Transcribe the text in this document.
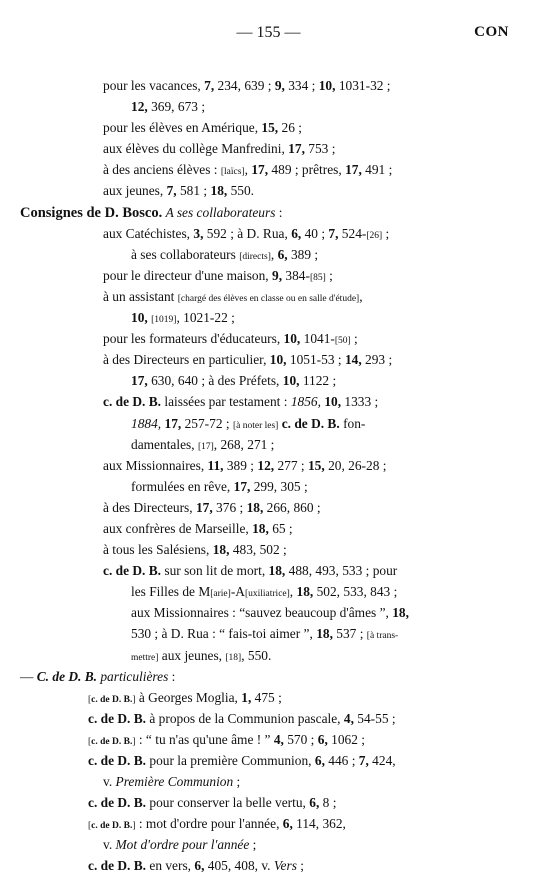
— 155 —	CON
pour les vacances, 7, 234, 639 ; 9, 334 ; 10, 1031-32 ;
12, 369, 673 ;
pour les élèves en Amérique, 15, 26 ;
aux élèves du collège Manfredini, 17, 753 ;
à des anciens élèves : [laïcs], 17, 489 ; prêtres, 17, 491 ;
aux jeunes, 7, 581 ; 18, 550.
Consignes de D. Bosco. A ses collaborateurs :
aux Catéchistes, 3, 592 ; à D. Rua, 6, 40 ; 7, 524-[26] ;
à ses collaborateurs [directs], 6, 389 ;
pour le directeur d'une maison, 9, 384-[85] ;
à un assistant [chargé des élèves en classe ou en salle d'étude],
10, [1019], 1021-22 ;
pour les formateurs d'éducateurs, 10, 1041-[50] ;
à des Directeurs en particulier, 10, 1051-53 ; 14, 293 ;
17, 630, 640 ; à des Préfets, 10, 1122 ;
c. de D. B. laissées par testament : 1856, 10, 1333 ;
1884, 17, 257-72 ; [à noter les] c. de D. B. fon-
damentales, [17], 268, 271 ;
aux Missionnaires, 11, 389 ; 12, 277 ; 15, 20, 26-28 ;
formulées en rêve, 17, 299, 305 ;
à des Directeurs, 17, 376 ; 18, 266, 860 ;
aux confrères de Marseille, 18, 65 ;
à tous les Salésiens, 18, 483, 502 ;
c. de D. B. sur son lit de mort, 18, 488, 493, 533 ; pour
les Filles de M[arie]-A[uxiliatrice], 18, 502, 533, 843 ;
aux Missionnaires : “sauvez beaucoup d'âmes ”, 18,
530 ; à D. Rua : “ fais-toi aimer ”, 18, 537 ; [à trans-
mettre] aux jeunes, [18], 550.
— C. de D. B. particulières :
[c. de D. B.] à Georges Moglia, 1, 475 ;
c. de D. B. à propos de la Communion pascale, 4, 54-55 ;
[c. de D. B.] : “ tu n'as qu'une âme ! ” 4, 570 ; 6, 1062 ;
c. de D. B. pour la première Communion, 6, 446 ; 7, 424,
v. Première Communion ;
c. de D. B. pour conserver la belle vertu, 6, 8 ;
[c. de D. B.] : mot d'ordre pour l'année, 6, 114, 362,
v. Mot d'ordre pour l'année ;
c. de D. B. en vers, 6, 405, 408, v. Vers ;
